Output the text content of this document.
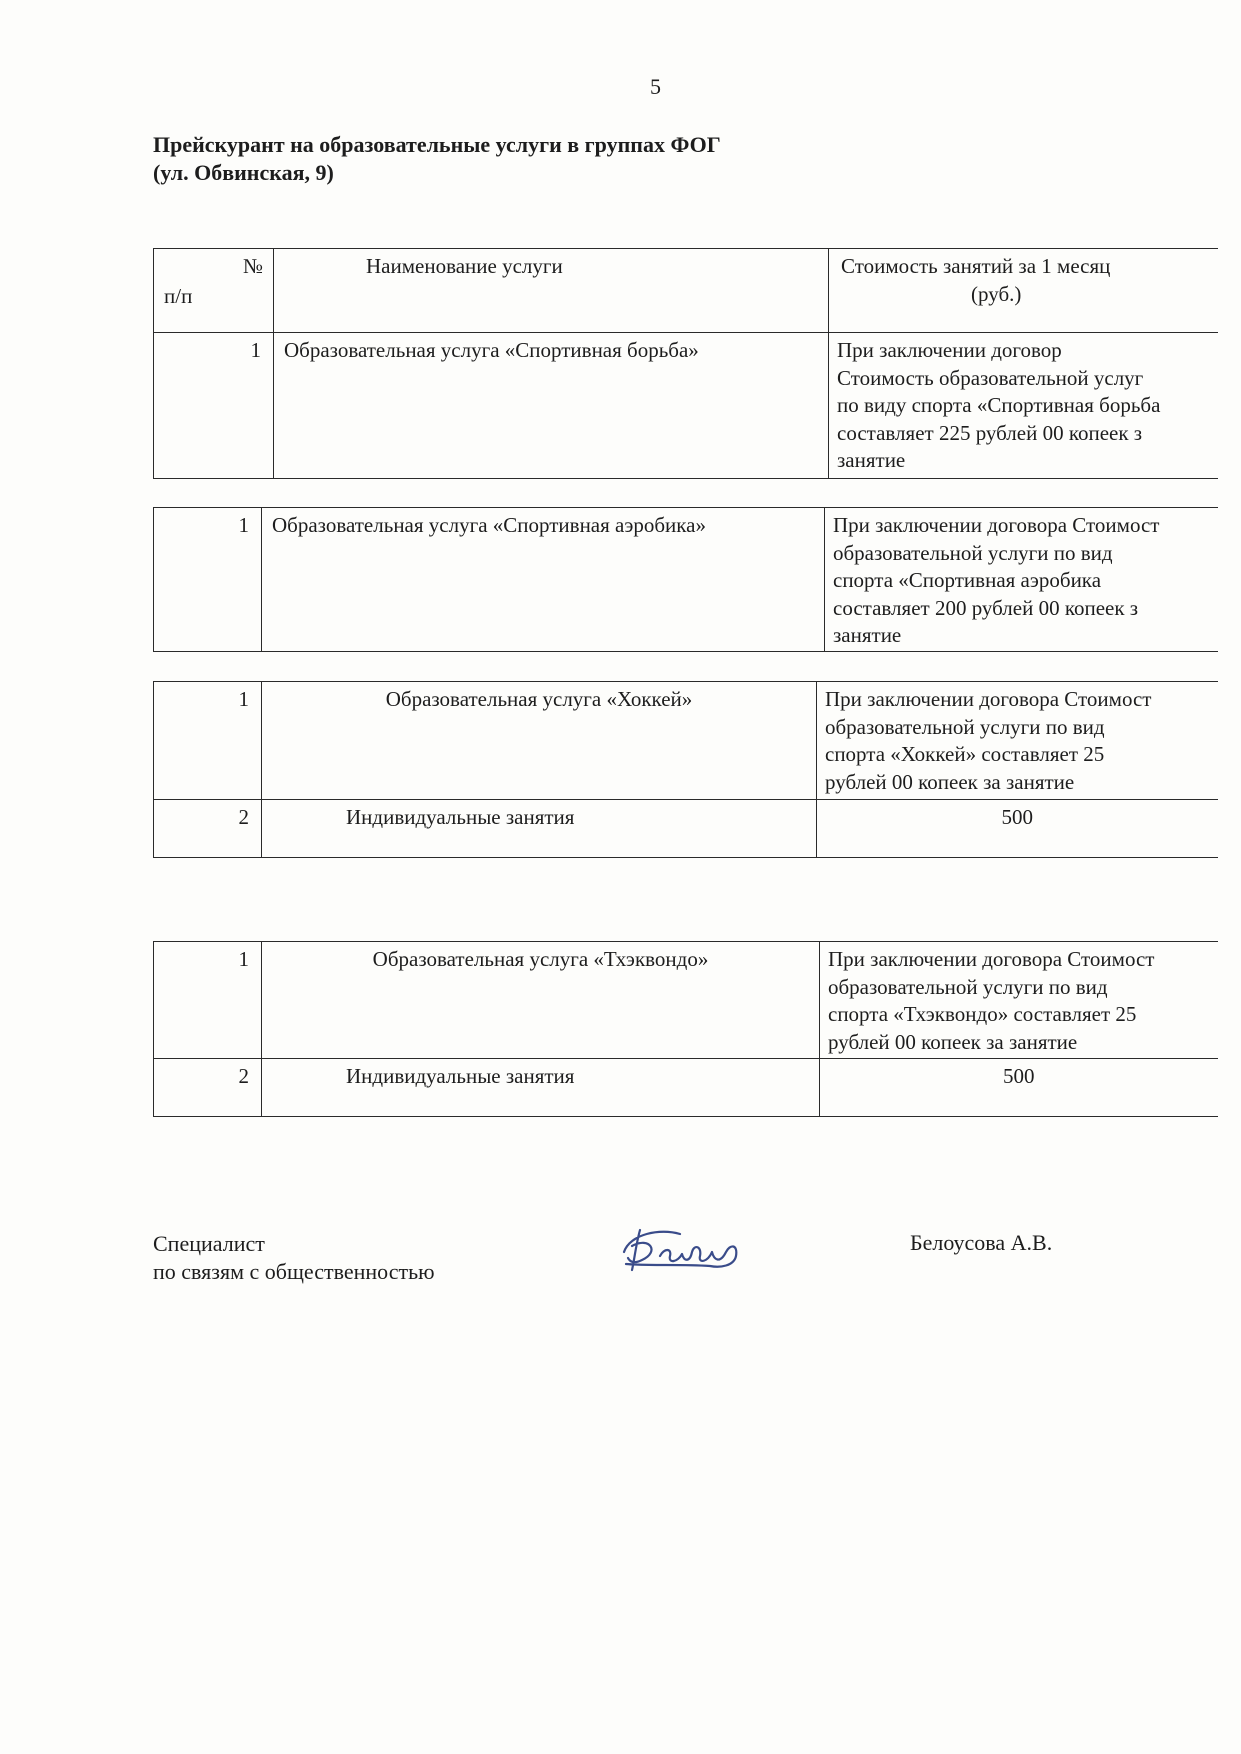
5
Прейскурант на образовательные услуги в группах ФОГ
(ул. Обвинская, 9)
№
п/п	Наименование услуги	Стоимость занятий за 1 месяц
(руб.)

1	Образовательная услуга «Спортивная борьба»	При заключении договор
Стоимость образовательной услуг
по виду спорта «Спортивная борьба
составляет 225 рублей 00 копеек з
занятие
1	Образовательная услуга «Спортивная аэробика»	При заключении договора Стоимост
образовательной услуги по вид
спорта «Спортивная аэробика
составляет 200 рублей 00 копеек з
занятие
1	Образовательная услуга «Хоккей»	При заключении договора Стоимост
образовательной услуги по вид
спорта «Хоккей» составляет 25
рублей 00 копеек за занятие

2	Индивидуальные занятия	500
1	Образовательная услуга «Тхэквондо»	При заключении договора Стоимост
образовательной услуги по вид
спорта «Тхэквондо» составляет 25
рублей 00 копеек за занятие

2	Индивидуальные занятия	500
Специалист
по связям с общественностью
Белоусова А.В.
